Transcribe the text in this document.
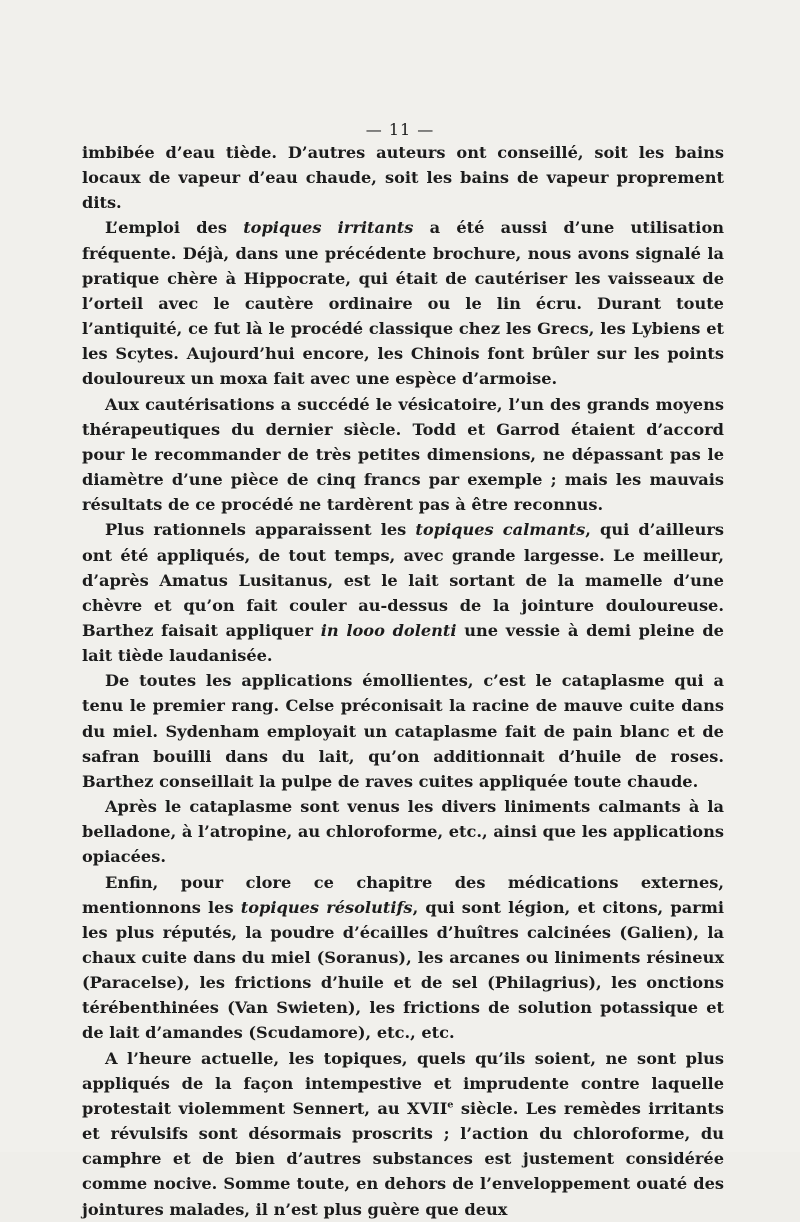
— 11 —

imbibée d’eau tiède. D’autres auteurs ont conseillé, soit les bains locaux de vapeur d’eau chaude, soit les bains de vapeur proprement dits.

L’emploi des topiques irritants a été aussi d’une utilisation fréquente. Déjà, dans une précédente brochure, nous avons signalé la pratique chère à Hippocrate, qui était de cautériser les vaisseaux de l’orteil avec le cautère ordinaire ou le lin écru. Durant toute l’antiquité, ce fut là le procédé classique chez les Grecs, les Lybiens et les Scytes. Aujourd’hui encore, les Chinois font brûler sur les points douloureux un moxa fait avec une espèce d’armoise.

Aux cautérisations a succédé le vésicatoire, l’un des grands moyens thérapeutiques du dernier siècle. Todd et Garrod étaient d’accord pour le recommander de très petites dimensions, ne dépassant pas le diamètre d’une pièce de cinq francs par exemple ; mais les mauvais résultats de ce procédé ne tardèrent pas à être reconnus.

Plus rationnels apparaissent les topiques calmants, qui d’ailleurs ont été appliqués, de tout temps, avec grande largesse. Le meilleur, d’après Amatus Lusitanus, est le lait sortant de la mamelle d’une chèvre et qu’on fait couler au-dessus de la jointure douloureuse. Barthez faisait appliquer in looo dolenti une vessie à demi pleine de lait tiède laudanisée.

De toutes les applications émollientes, c’est le cataplasme qui a tenu le premier rang. Celse préconisait la racine de mauve cuite dans du miel. Sydenham employait un cataplasme fait de pain blanc et de safran bouilli dans du lait, qu’on additionnait d’huile de roses. Barthez conseillait la pulpe de raves cuites appliquée toute chaude.

Après le cataplasme sont venus les divers liniments calmants à la belladone, à l’atropine, au chloroforme, etc., ainsi que les applications opiacées.

Enfin, pour clore ce chapitre des médications externes, mentionnons les topiques résolutifs, qui sont légion, et citons, parmi les plus réputés, la poudre d’écailles d’huîtres calcinées (Galien), la chaux cuite dans du miel (Soranus), les arcanes ou liniments résineux (Paracelse), les frictions d’huile et de sel (Philagrius), les onctions térébenthinées (Van Swieten), les frictions de solution potassique et de lait d’amandes (Scudamore), etc., etc.

A l’heure actuelle, les topiques, quels qu’ils soient, ne sont plus appliqués de la façon intempestive et imprudente contre laquelle protestait violemment Sennert, au XVIIe siècle. Les remèdes irritants et révulsifs sont désormais proscrits ; l’action du chloroforme, du camphre et de bien d’autres substances est justement considérée comme nocive. Somme toute, en dehors de l’enveloppement ouaté des jointures malades, il n’est plus guère que deux
